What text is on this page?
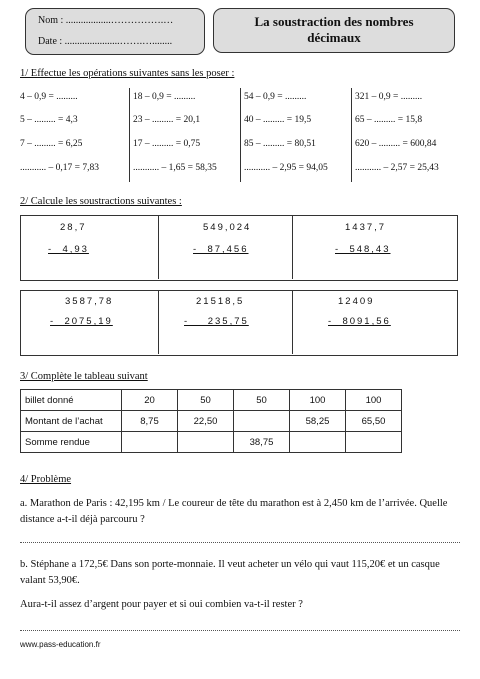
Nom : ..................…………….…
Date : ......................…….…........
La soustraction des nombres
décimaux
1/ Effectue les opérations suivantes sans les poser :
4 – 0,9 = .........
5 – ......... = 4,3
7 – ......... = 6,25
........... – 0,17 = 7,83
18 – 0,9 = .........
23 – ......... = 20,1
17 – ......... = 0,75
........... – 1,65 = 58,35
54 – 0,9 = .........
40 – ......... = 19,5
85 – ......... = 80,51
........... – 2,95 = 94,05
321 – 0,9 = .........
65 – ......... = 15,8
620 – ......... = 600,84
........... – 2,57 = 25,43
2/ Calcule les soustractions suivantes :
28,7
-  4,93
549,024
-  87,456
1437,7
-  548,43
3587,78
-  2075,19
21518,5
-    235,75
12409
-  8091,56
3/ Complète le tableau suivant
billet donné	20	50	50	100	100
Montant de l’achat	8,75	22,50		58,25	65,50
Somme rendue			38,75		
4/ Problème
a. Marathon de Paris : 42,195 km / Le coureur de tête du marathon est à 2,450 km de l’arrivée. Quelle distance a-t-il déjà parcouru ?
b. Stéphane a 172,5€ Dans son porte-monnaie. Il veut acheter un vélo qui vaut 115,20€ et un casque valant 53,90€.
Aura-t-il assez d’argent pour payer et si oui combien va-t-il rester ?
www.pass-education.fr
